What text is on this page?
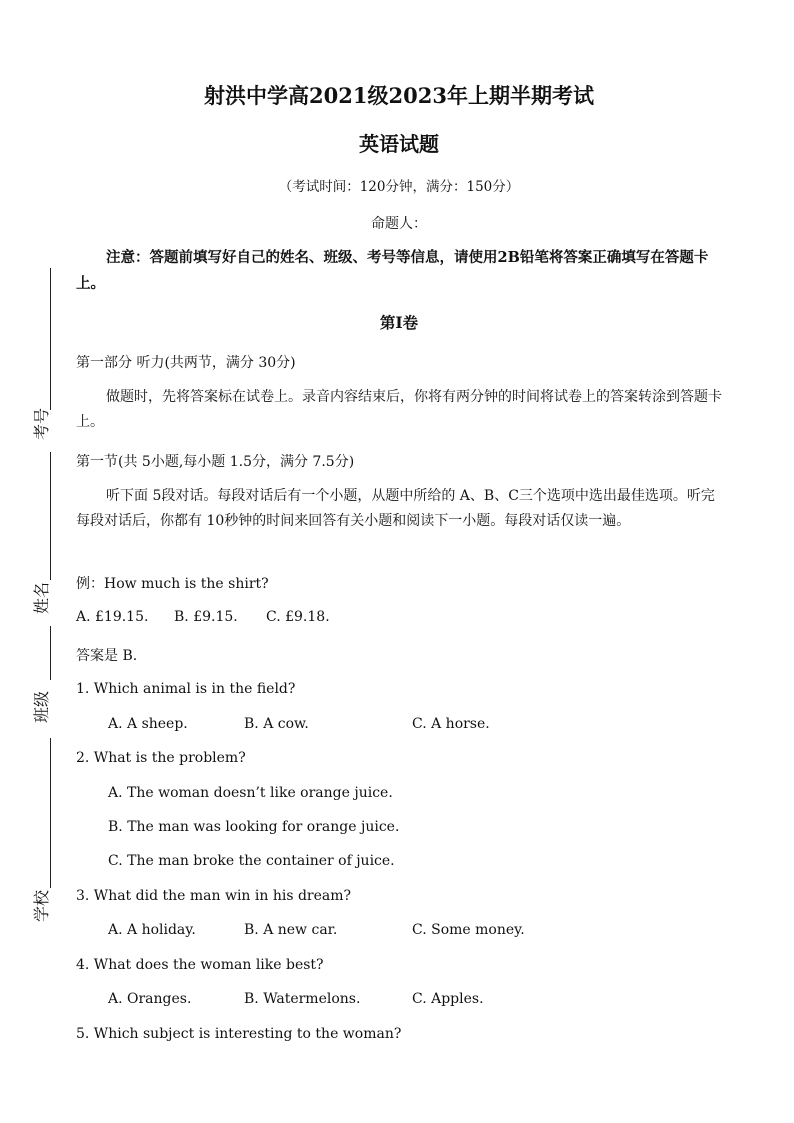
考号
姓名
班级
学校
射洪中学高2021级2023年上期半期考试
英语试题
（考试时间：120分钟，满分：150分）
命题人：
注意：答题前填写好自己的姓名、班级、考号等信息，请使用2B铅笔将答案正确填写在答题卡上。
第I卷
第一部分 听力(共两节，满分 30分)
做题时，先将答案标在试卷上。录音内容结束后，你将有两分钟的时间将试卷上的答案转涂到答题卡上。
第一节(共 5小题,每小题 1.5分，满分 7.5分)
听下面 5段对话。每段对话后有一个小题，从题中所给的 A、B、C三个选项中选出最佳选项。听完每段对话后，你都有 10秒钟的时间来回答有关小题和阅读下一小题。每段对话仅读一遍。
例：How much is the shirt?
A. £19.15. B. £9.15. C. £9.18.
答案是 B.
1. Which animal is in the field?
A. A sheep.	B. A cow.	C. A horse.
2. What is the problem?
A. The woman doesn’t like orange juice.
B. The man was looking for orange juice.
C. The man broke the container of juice.
3. What did the man win in his dream?
A. A holiday.	B. A new car.	C. Some money.
4. What does the woman like best?
A. Oranges.	B. Watermelons.	C. Apples.
5. Which subject is interesting to the woman?
